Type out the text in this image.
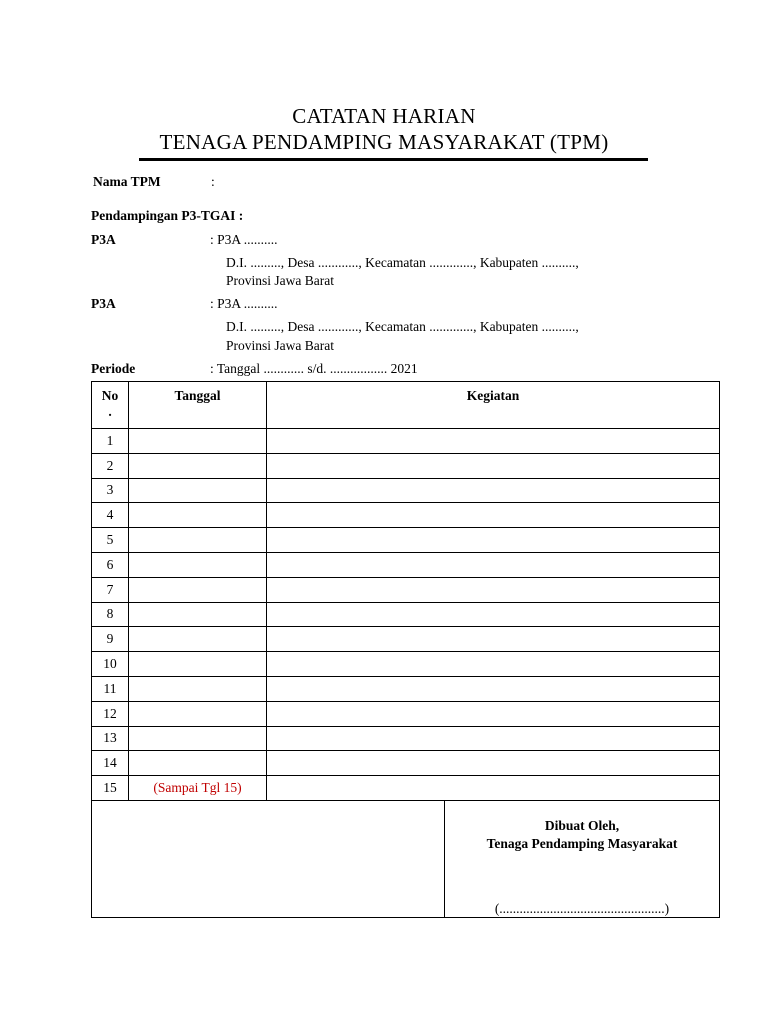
CATATAN HARIAN
TENAGA PENDAMPING MASYARAKAT (TPM)
Nama TPM	:
Pendampingan P3-TGAI :
P3A	: P3A ..........
D.I. ........., Desa ............, Kecamatan ............., Kabupaten ..........,
Provinsi Jawa Barat
P3A	: P3A ..........
D.I. ........., Desa ............, Kecamatan ............., Kabupaten ..........,
Provinsi Jawa Barat
Periode	: Tanggal ............ s/d. ................. 2021
No
.	Tanggal	Kegiatan	
1			
2			
3			
4			
5			
6			
7			
8			
9			
10			
11			
12			
13			
14			
15	(Sampai Tgl 15)		

			Dibuat Oleh,
Tenaga Pendamping Masyarakat
(.................................................)
